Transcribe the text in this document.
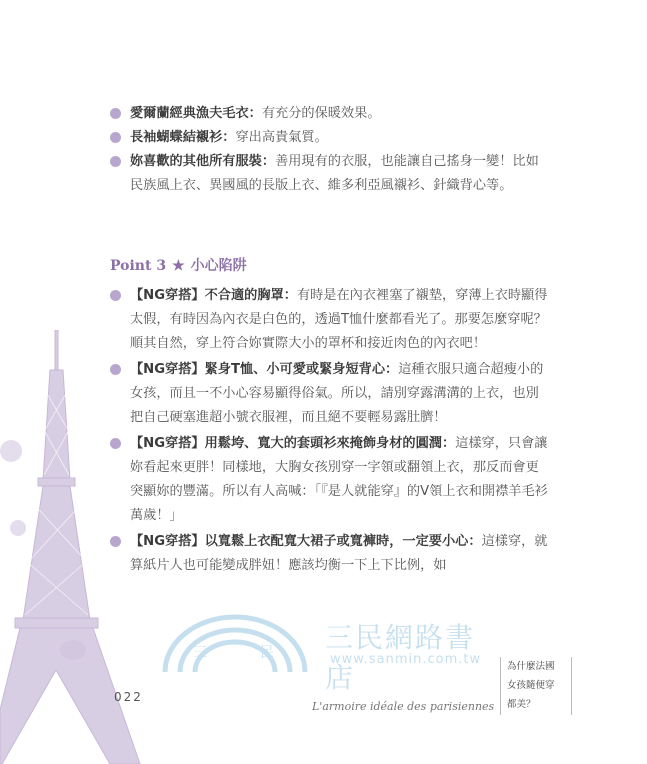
愛爾蘭經典漁夫毛衣：有充分的保暖效果。
長袖蝴蝶結襯衫：穿出高貴氣質。
妳喜歡的其他所有服裝：善用現有的衣服，也能讓自己搖身一變！比如民族風上衣、異國風的長版上衣、維多利亞風襯衫、針織背心等。
Point 3 ★ 小心陷阱
【NG穿搭】不合適的胸罩：有時是在內衣裡塞了襯墊，穿薄上衣時顯得太假，有時因為內衣是白色的，透過T恤什麼都看光了。那要怎麼穿呢？順其自然，穿上符合妳實際大小的罩杯和接近肉色的內衣吧！
【NG穿搭】緊身T恤、小可愛或緊身短背心：這種衣服只適合超瘦小的女孩，而且一不小心容易顯得俗氣。所以，請別穿露溝溝的上衣，也別把自己硬塞進超小號衣服裡，而且絕不要輕易露肚臍！
【NG穿搭】用鬆垮、寬大的套頭衫來掩飾身材的圓潤：這樣穿，只會讓妳看起來更胖！同樣地，大胸女孩別穿一字領或翻領上衣，那反而會更突顯妳的豐滿。所以有人高喊：「『是人就能穿』的V領上衣和開襟羊毛衫萬歲！」
【NG穿搭】以寬鬆上衣配寬大裙子或寬褲時，一定要小心：這樣穿，就算紙片人也可能變成胖妞！應該均衡一下上下比例，如
三	民 三民網路書店
www.sanmin.com.tw
022
L'armoire idéale des parisiennes
為什麼法國
女孩隨便穿
都美？
